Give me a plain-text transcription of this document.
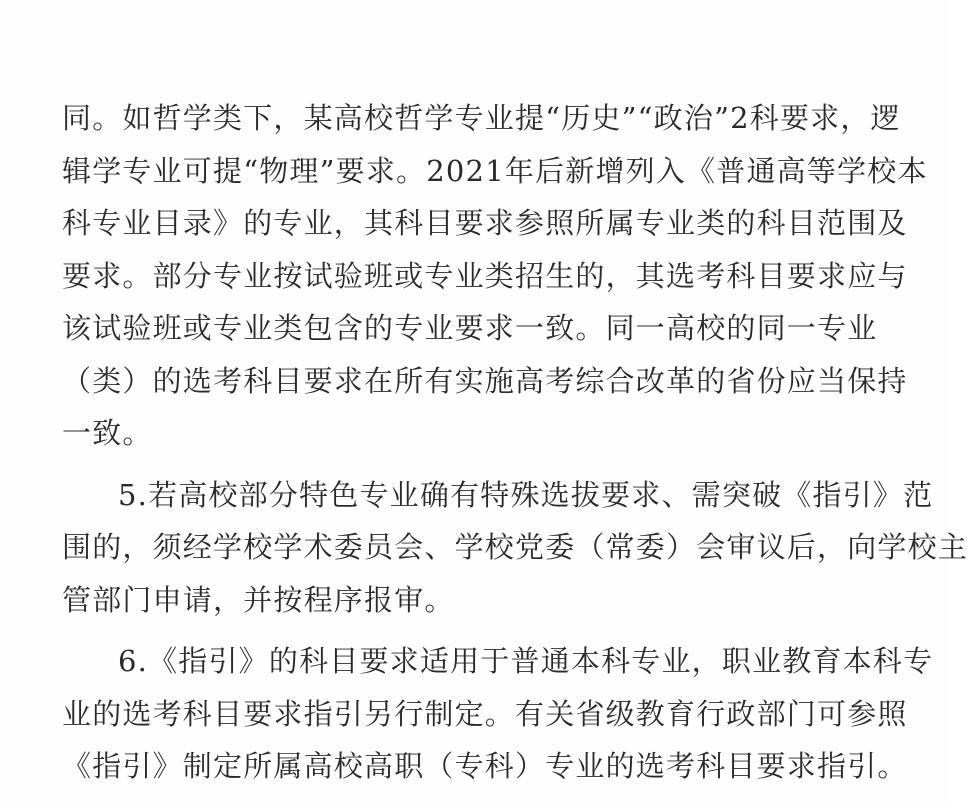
同。如哲学类下，某高校哲学专业提“历史”“政治”2科要求，逻
辑学专业可提“物理”要求。2021年后新增列入《普通高等学校本
科专业目录》的专业，其科目要求参照所属专业类的科目范围及
要求。部分专业按试验班或专业类招生的，其选考科目要求应与
该试验班或专业类包含的专业要求一致。同一高校的同一专业
（类）的选考科目要求在所有实施高考综合改革的省份应当保持
一致。
5.若高校部分特色专业确有特殊选拔要求、需突破《指引》范
围的，须经学校学术委员会、学校党委（常委）会审议后，向学校主
管部门申请，并按程序报审。
6.《指引》的科目要求适用于普通本科专业，职业教育本科专
业的选考科目要求指引另行制定。有关省级教育行政部门可参照
《指引》制定所属高校高职（专科）专业的选考科目要求指引。
